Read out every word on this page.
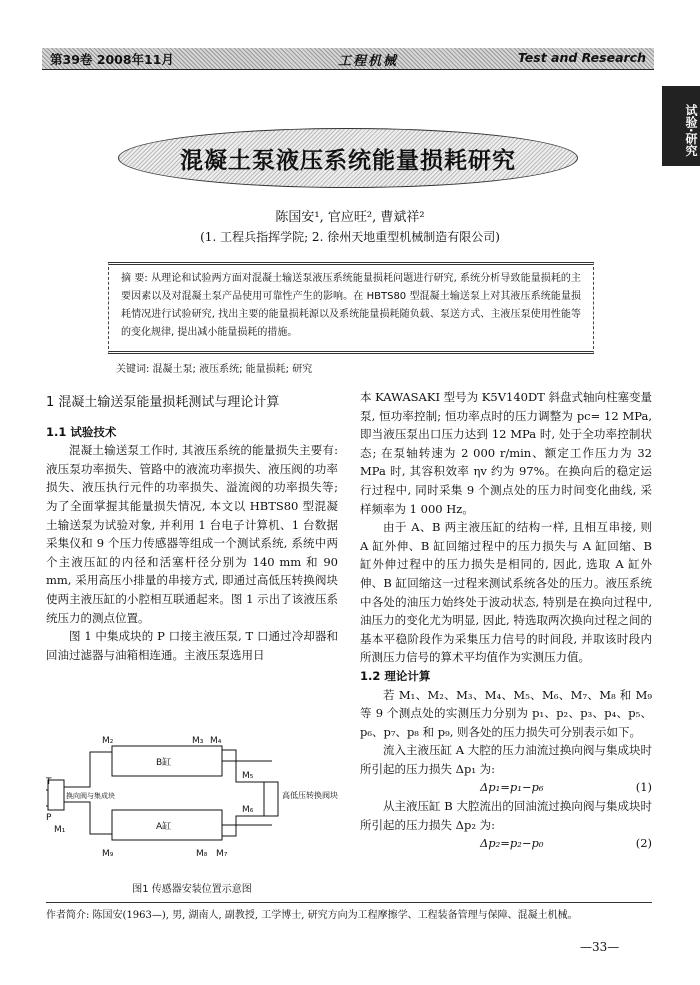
第39卷 2008年11月	工程机械	Test and Research
试验·研究
混凝土泵液压系统能量损耗研究
陈国安¹, 官应旺², 曹斌祥²
(1. 工程兵指挥学院; 2. 徐州天地重型机械制造有限公司)

摘 要: 从理论和试验两方面对混凝土输送泵液压系统能量损耗问题进行研究, 系统分析导致能量损耗的主要因素以及对混凝土泵产品使用可靠性产生的影响。在 HBTS80 型混凝土输送泵上对其液压系统能量损耗情况进行试验研究, 找出主要的能量损耗源以及系统能量损耗随负载、泵送方式、主液压泵使用性能等的变化规律, 提出减小能量损耗的措施。

关键词: 混凝土泵; 液压系统; 能量损耗; 研究
1 混凝土输送泵能量损耗测试与理论计算
1.1 试验技术

混凝土输送泵工作时, 其液压系统的能量损失主要有: 液压泵功率损失、管路中的液流功率损失、液压阀的功率损失、液压执行元件的功率损失、溢流阀的功率损失等; 为了全面掌握其能量损失情况, 本文以 HBTS80 型混凝土输送泵为试验对象, 并利用 1 台电子计算机、1 台数据采集仪和 9 个压力传感器等组成一个测试系统, 系统中两个主液压缸的内径和活塞杆径分别为 140 mm 和 90 mm, 采用高压小排量的串接方式, 即通过高低压转换阀块使两主液压缸的小腔相互联通起来。图 1 示出了该液压系统压力的测点位置。

图 1 中集成块的 P 口接主液压泵, T 口通过冷却器和回油过滤器与油箱相连通。主液压泵选用日

B缸
A缸
T
P
换向阀与集成块	高低压转换阀块
M₁
M₂	M₃ M₄
M₅
M₆
M₇
M₈
M₉
图1 传感器安装位置示意图

本 KAWASAKI 型号为 K5V140DT 斜盘式轴向柱塞变量泵, 恒功率控制; 恒功率点时的压力调整为 pc= 12 MPa, 即当液压泵出口压力达到 12 MPa 时, 处于全功率控制状态; 在泵轴转速为 2 000 r/min、额定工作压力为 32 MPa 时, 其容积效率 ηv 约为 97%。在换向后的稳定运行过程中, 同时采集 9 个测点处的压力时间变化曲线, 采样频率为 1 000 Hz。

由于 A、B 两主液压缸的结构一样, 且相互串接, 则 A 缸外伸、B 缸回缩过程中的压力损失与 A 缸回缩、B 缸外伸过程中的压力损失是相同的, 因此, 选取 A 缸外伸、B 缸回缩这一过程来测试系统各处的压力。液压系统中各处的油压力始终处于波动状态, 特别是在换向过程中, 油压力的变化尤为明显, 因此, 特选取两次换向过程之间的基本平稳阶段作为采集压力信号的时间段, 并取该时段内所测压力信号的算术平均值作为实测压力值。

1.2 理论计算

若 M₁、M₂、M₃、M₄、M₅、M₆、M₇、M₈ 和 M₉ 等 9 个测点处的实测压力分别为 p₁、p₂、p₃、p₄、p₅、p₆、p₇、p₈ 和 p₉, 则各处的压力损失可分别表示如下。

流入主液压缸 A 大腔的压力油流过换向阀与集成块时所引起的压力损失 Δp₁ 为:

Δp₁=p₁−p₆	(1)

从主液压缸 B 大腔流出的回油流过换向阀与集成块时所引起的压力损失 Δp₂ 为:

Δp₂=p₂−p₀	(2)
作者简介: 陈国安(1963—), 男, 湖南人, 副教授, 工学博士, 研究方向为工程摩擦学、工程装备管理与保障、混凝土机械。
—33—
